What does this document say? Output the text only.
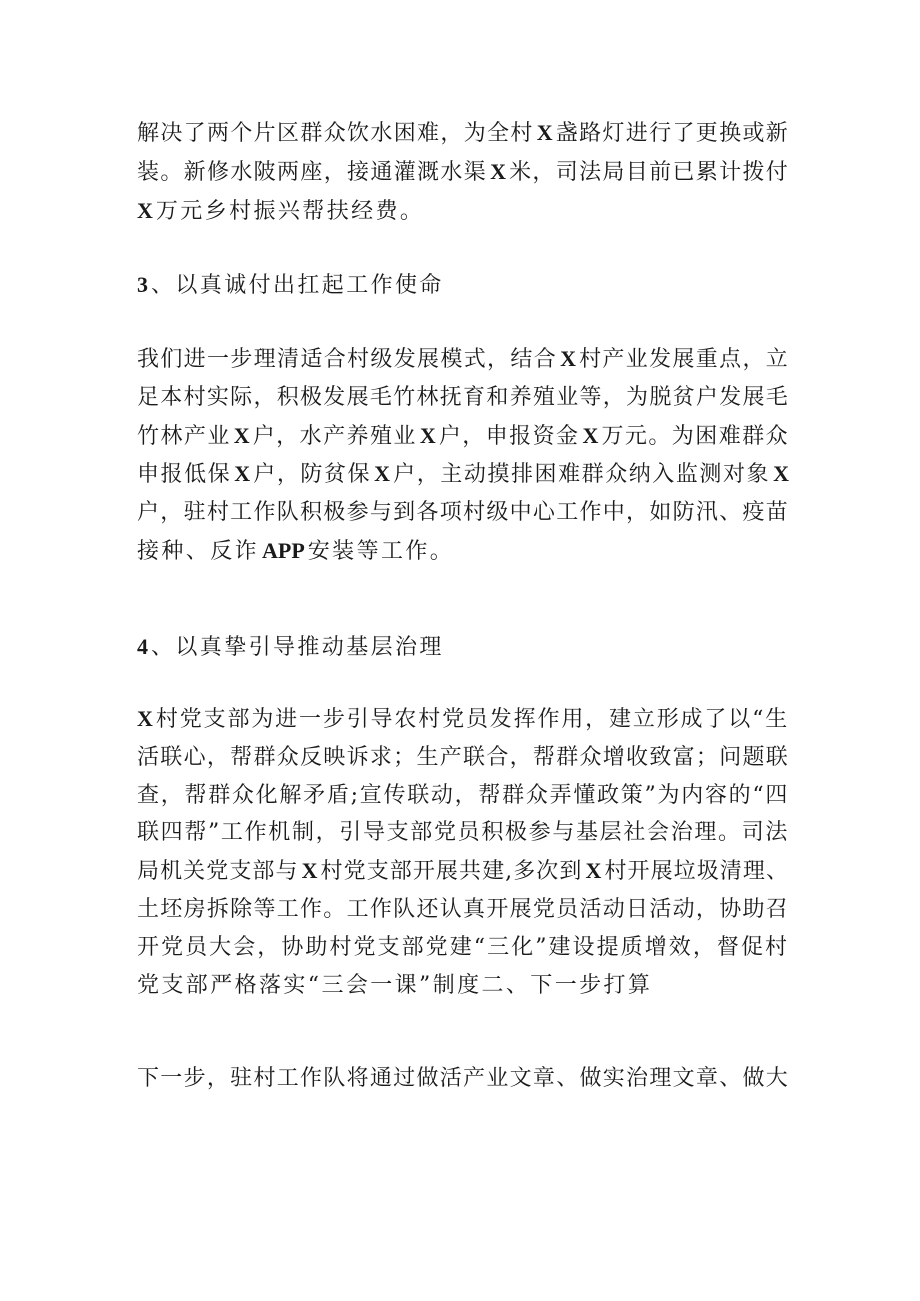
解决了两个片区群众饮水困难，为全村 X 盏路灯进行了更换或新
装。新修水陂两座，接通灌溉水渠 X 米，司法局目前已累计拨付
X 万元乡村振兴帮扶经费。
3 、以真诚付出扛起工作使命
我们进一步理清适合村级发展模式，结合 X 村产业发展重点，立
足本村实际，积极发展毛竹林抚育和养殖业等，为脱贫户发展毛
竹林产业 X 户，水产养殖业 X 户，申报资金 X 万元。为困难群众
申报低保 X 户，防贫保 X 户，主动摸排困难群众纳入监测对象 X
户，驻村工作队积极参与到各项村级中心工作中，如防汛、疫苗
接种、反诈 APP 安装等工作。
4 、以真挚引导推动基层治理
X 村党支部为进一步引导农村党员发挥作用，建立形成了以“生
活联心，帮群众反映诉求；生产联合，帮群众增收致富；问题联
查，帮群众化解矛盾;宣传联动，帮群众弄懂政策”为内容的“四
联四帮”工作机制，引导支部党员积极参与基层社会治理。司法
局机关党支部与 X 村党支部开展共建,多次到 X 村开展垃圾清理、
土坯房拆除等工作。工作队还认真开展党员活动日活动，协助召
开党员大会，协助村党支部党建“三化”建设提质增效，督促村
党支部严格落实“三会一课”制度二、下一步打算
下一步，驻村工作队将通过做活产业文章、做实治理文章、做大
